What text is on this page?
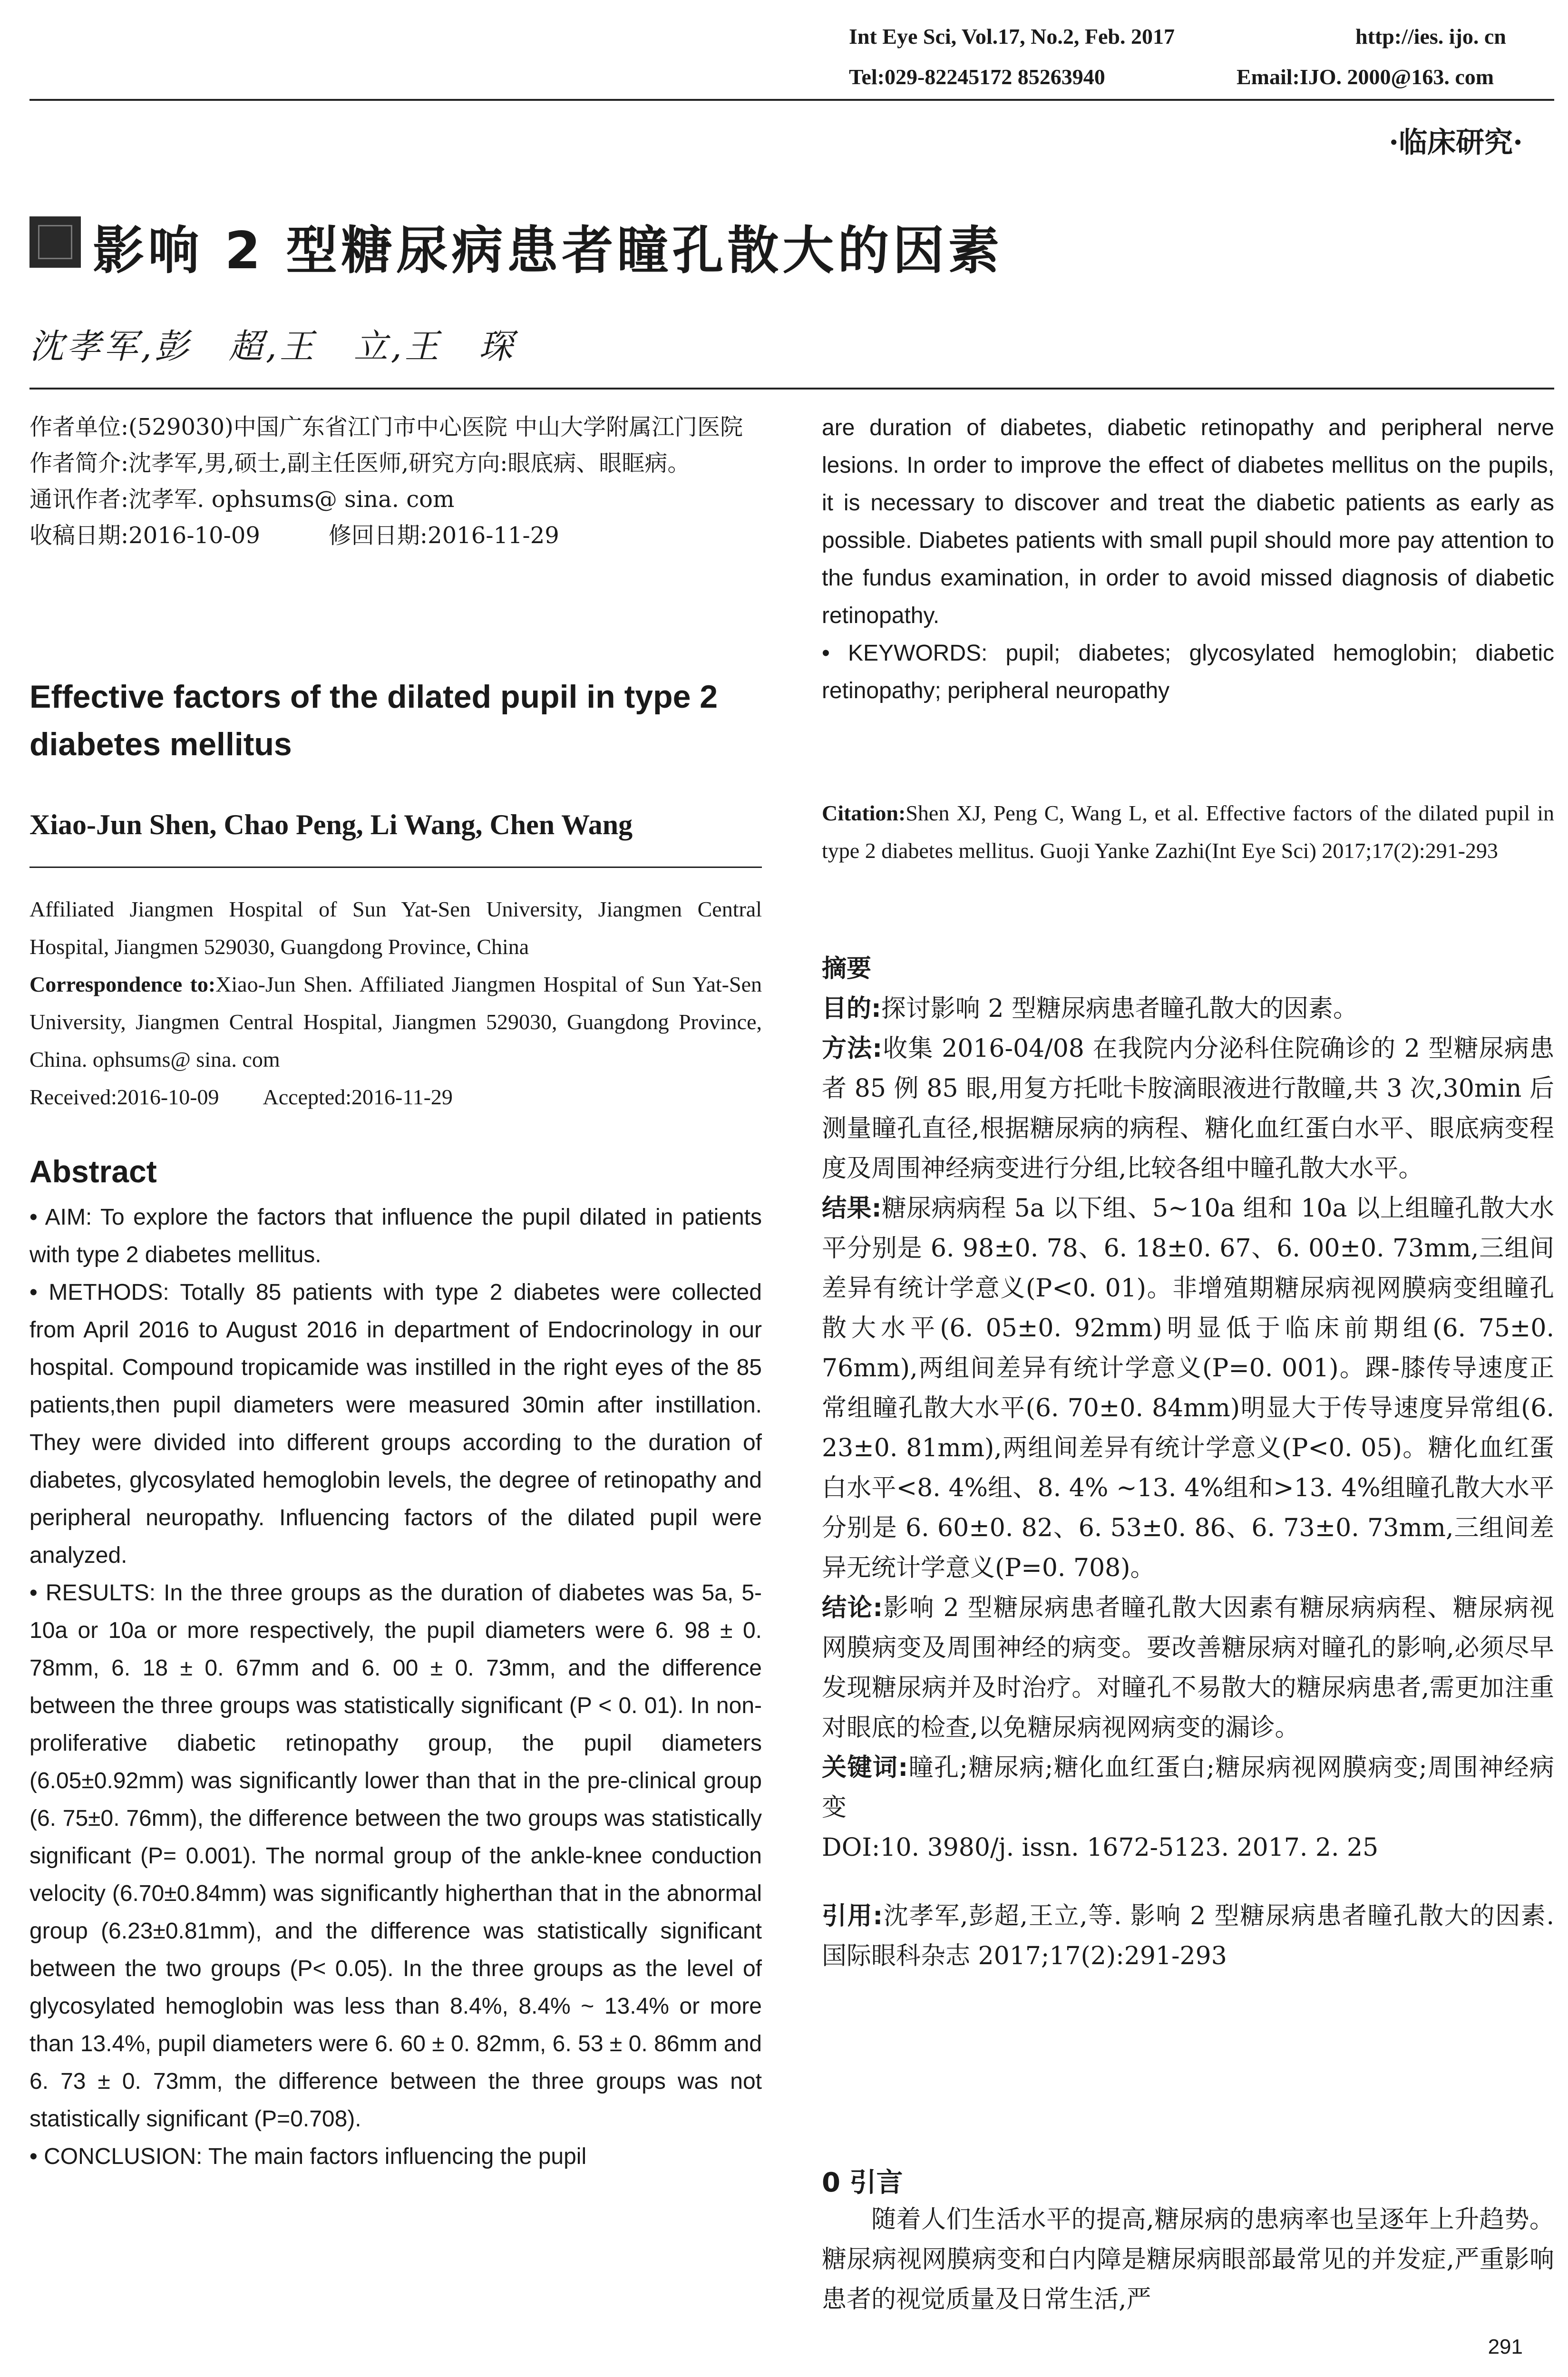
Int Eye Sci, Vol.17, No.2, Feb. 2017	http://ies. ijo. cn
Tel:029-82245172 85263940	Email:IJO. 2000@163. com
·临床研究·
影响 2 型糖尿病患者瞳孔散大的因素
沈孝军,彭　超,王　立,王　琛
作者单位:(529030)中国广东省江门市中心医院 中山大学附属江门医院
作者简介:沈孝军,男,硕士,副主任医师,研究方向:眼底病、眼眶病。
通讯作者:沈孝军. ophsums@ sina. com
收稿日期:2016-10-09　　　修回日期:2016-11-29
Effective factors of the dilated pupil in type 2 diabetes mellitus
Xiao-Jun Shen, Chao Peng, Li Wang, Chen Wang
Affiliated Jiangmen Hospital of Sun Yat-Sen University, Jiangmen Central Hospital, Jiangmen 529030, Guangdong Province, China
Correspondence to:Xiao-Jun Shen. Affiliated Jiangmen Hospital of Sun Yat-Sen University, Jiangmen Central Hospital, Jiangmen 529030, Guangdong Province, China. ophsums@ sina. com
Received:2016-10-09　　Accepted:2016-11-29
Abstract

• AIM: To explore the factors that influence the pupil dilated in patients with type 2 diabetes mellitus.

• METHODS: Totally 85 patients with type 2 diabetes were collected from April 2016 to August 2016 in department of Endocrinology in our hospital. Compound tropicamide was instilled in the right eyes of the 85 patients,then pupil diameters were measured 30min after instillation. They were divided into different groups according to the duration of diabetes, glycosylated hemoglobin levels, the degree of retinopathy and peripheral neuropathy. Influencing factors of the dilated pupil were analyzed.

• RESULTS: In the three groups as the duration of diabetes was 5a, 5-10a or 10a or more respectively, the pupil diameters were 6. 98 ± 0. 78mm, 6. 18 ± 0. 67mm and 6. 00 ± 0. 73mm, and the difference between the three groups was statistically significant (P < 0. 01). In non-proliferative diabetic retinopathy group, the pupil diameters (6.05±0.92mm) was significantly lower than that in the pre-clinical group (6. 75±0. 76mm), the difference between the two groups was statistically significant (P= 0.001). The normal group of the ankle-knee conduction velocity (6.70±0.84mm) was significantly higherthan that in the abnormal group (6.23±0.81mm), and the difference was statistically significant between the two groups (P< 0.05). In the three groups as the level of glycosylated hemoglobin was less than 8.4%, 8.4% ~ 13.4% or more than 13.4%, pupil diameters were 6. 60 ± 0. 82mm, 6. 53 ± 0. 86mm and 6. 73 ± 0. 73mm, the difference between the three groups was not statistically significant (P=0.708).

• CONCLUSION: The main factors influencing the pupil

are duration of diabetes, diabetic retinopathy and peripheral nerve lesions. In order to improve the effect of diabetes mellitus on the pupils, it is necessary to discover and treat the diabetic patients as early as possible. Diabetes patients with small pupil should more pay attention to the fundus examination, in order to avoid missed diagnosis of diabetic retinopathy.

• KEYWORDS: pupil; diabetes; glycosylated hemoglobin; diabetic retinopathy; peripheral neuropathy

Citation:Shen XJ, Peng C, Wang L, et al. Effective factors of the dilated pupil in type 2 diabetes mellitus. Guoji Yanke Zazhi(Int Eye Sci) 2017;17(2):291-293

摘要

目的:探讨影响 2 型糖尿病患者瞳孔散大的因素。

方法:收集 2016-04/08 在我院内分泌科住院确诊的 2 型糖尿病患者 85 例 85 眼,用复方托吡卡胺滴眼液进行散瞳,共 3 次,30min 后测量瞳孔直径,根据糖尿病的病程、糖化血红蛋白水平、眼底病变程度及周围神经病变进行分组,比较各组中瞳孔散大水平。

结果:糖尿病病程 5a 以下组、5~10a 组和 10a 以上组瞳孔散大水平分别是 6. 98±0. 78、6. 18±0. 67、6. 00±0. 73mm,三组间差异有统计学意义(P<0. 01)。非增殖期糖尿病视网膜病变组瞳孔散大水平(6. 05±0. 92mm)明显低于临床前期组(6. 75±0. 76mm),两组间差异有统计学意义(P=0. 001)。踝-膝传导速度正常组瞳孔散大水平(6. 70±0. 84mm)明显大于传导速度异常组(6. 23±0. 81mm),两组间差异有统计学意义(P<0. 05)。糖化血红蛋白水平<8. 4%组、8. 4% ~13. 4%组和>13. 4%组瞳孔散大水平分别是 6. 60±0. 82、6. 53±0. 86、6. 73±0. 73mm,三组间差异无统计学意义(P=0. 708)。

结论:影响 2 型糖尿病患者瞳孔散大因素有糖尿病病程、糖尿病视网膜病变及周围神经的病变。要改善糖尿病对瞳孔的影响,必须尽早发现糖尿病并及时治疗。对瞳孔不易散大的糖尿病患者,需更加注重对眼底的检查,以免糖尿病视网病变的漏诊。

关键词:瞳孔;糖尿病;糖化血红蛋白;糖尿病视网膜病变;周围神经病变

DOI:10. 3980/j. issn. 1672-5123. 2017. 2. 25

引用:沈孝军,彭超,王立,等. 影响 2 型糖尿病患者瞳孔散大的因素. 国际眼科杂志 2017;17(2):291-293

0 引言
随着人们生活水平的提高,糖尿病的患病率也呈逐年上升趋势。糖尿病视网膜病变和白内障是糖尿病眼部最常见的并发症,严重影响患者的视觉质量及日常生活,严
291
